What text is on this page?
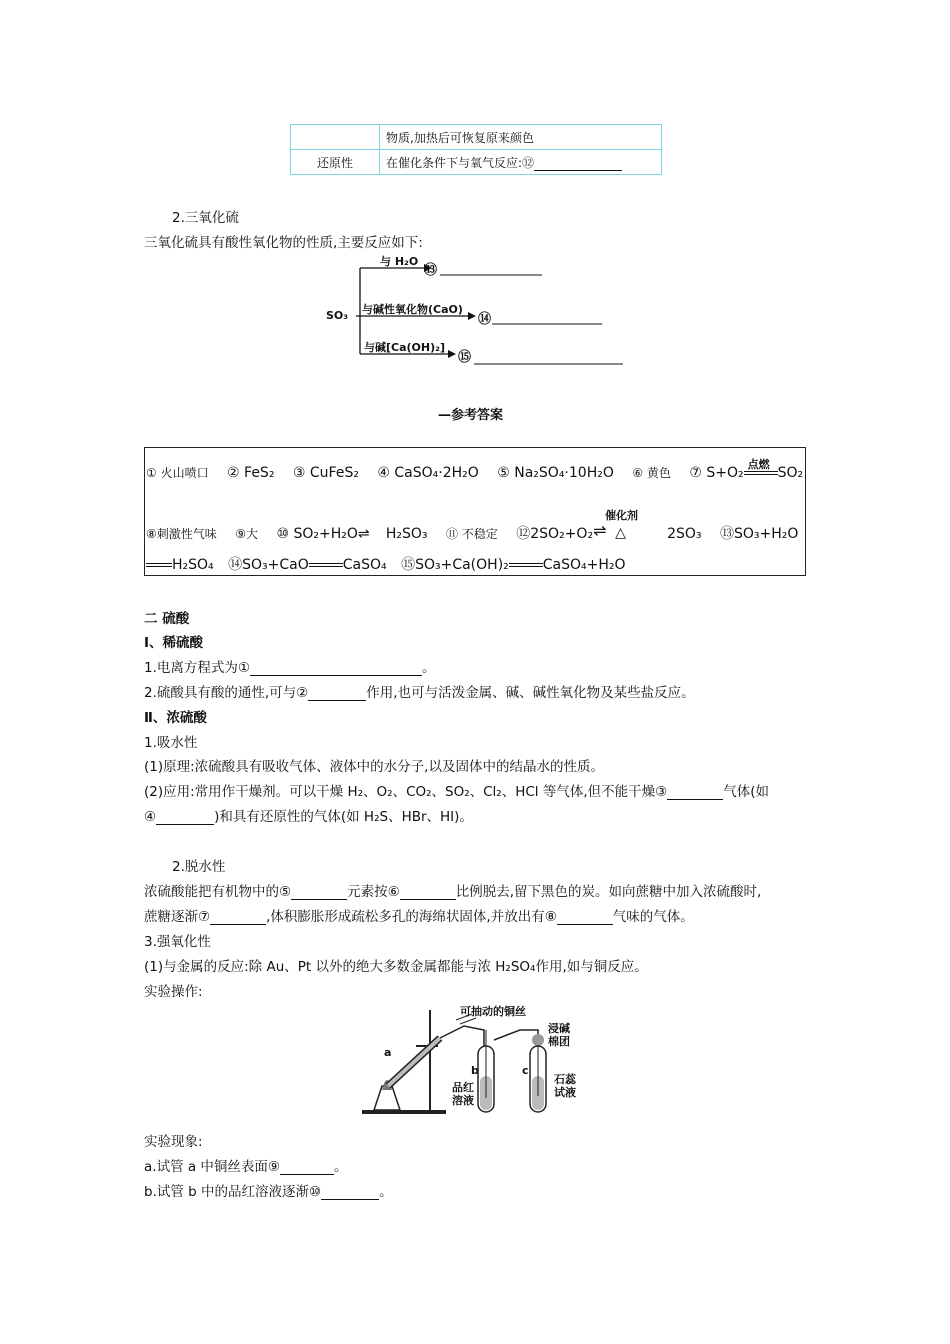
	物质,加热后可恢复原来颜色
还原性	在催化条件下与氧气反应:⑫
2.三氧化硫
三氧化硫具有酸性氧化物的性质,主要反应如下:
SO₃
与 H₂O
与碱性氧化物(CaO)
与碱[Ca(OH)₂]
⑬
⑭
⑮
—参考答案
① 火山喷口 ② FeS₂ ③ CuFeS₂ ④ CaSO₄·2H₂O ⑤ Na₂SO₄·10H₂O ⑥ 黄色 ⑦ S+O₂
点燃
SO₂
⑧刺激性气味 ⑨大 ⑩ SO₂+H₂O⇌ H₂SO₃ ⑪ 不稳定 ⑫2SO₂+O₂
催化剂
⇌ △	2SO₃ ⑬SO₃+H₂O
H₂SO₄ ⑭SO₃+CaO CaSO₄ ⑮SO₃+Ca(OH)₂ CaSO₄+H₂O
二 硫酸
Ⅰ、稀硫酸
1.电离方程式为①	。
2.硫酸具有酸的通性,可与②	作用,也可与活泼金属、碱、碱性氧化物及某些盐反应。
Ⅱ、浓硫酸
1.吸水性
(1)原理:浓硫酸具有吸收气体、液体中的水分子,以及固体中的结晶水的性质。
(2)应用:常用作干燥剂。可以干燥 H₂、O₂、CO₂、SO₂、Cl₂、HCl 等气体,但不能干燥③	气体(如
④	)和具有还原性的气体(如 H₂S、HBr、HI)。
2.脱水性
浓硫酸能把有机物中的⑤	元素按⑥	比例脱去,留下黑色的炭。如向蔗糖中加入浓硫酸时,
蔗糖逐渐⑦	,体积膨胀形成疏松多孔的海绵状固体,并放出有⑧	气味的气体。
3.强氧化性
(1)与金属的反应:除 Au、Pt 以外的绝大多数金属都能与浓 H₂SO₄作用,如与铜反应。
实验操作:
可抽动的铜丝
浸碱
棉团
a
b	c
品红
溶液
石蕊
试液
实验现象:
a.试管 a 中铜丝表面⑨	。
b.试管 b 中的品红溶液逐渐⑩	。
